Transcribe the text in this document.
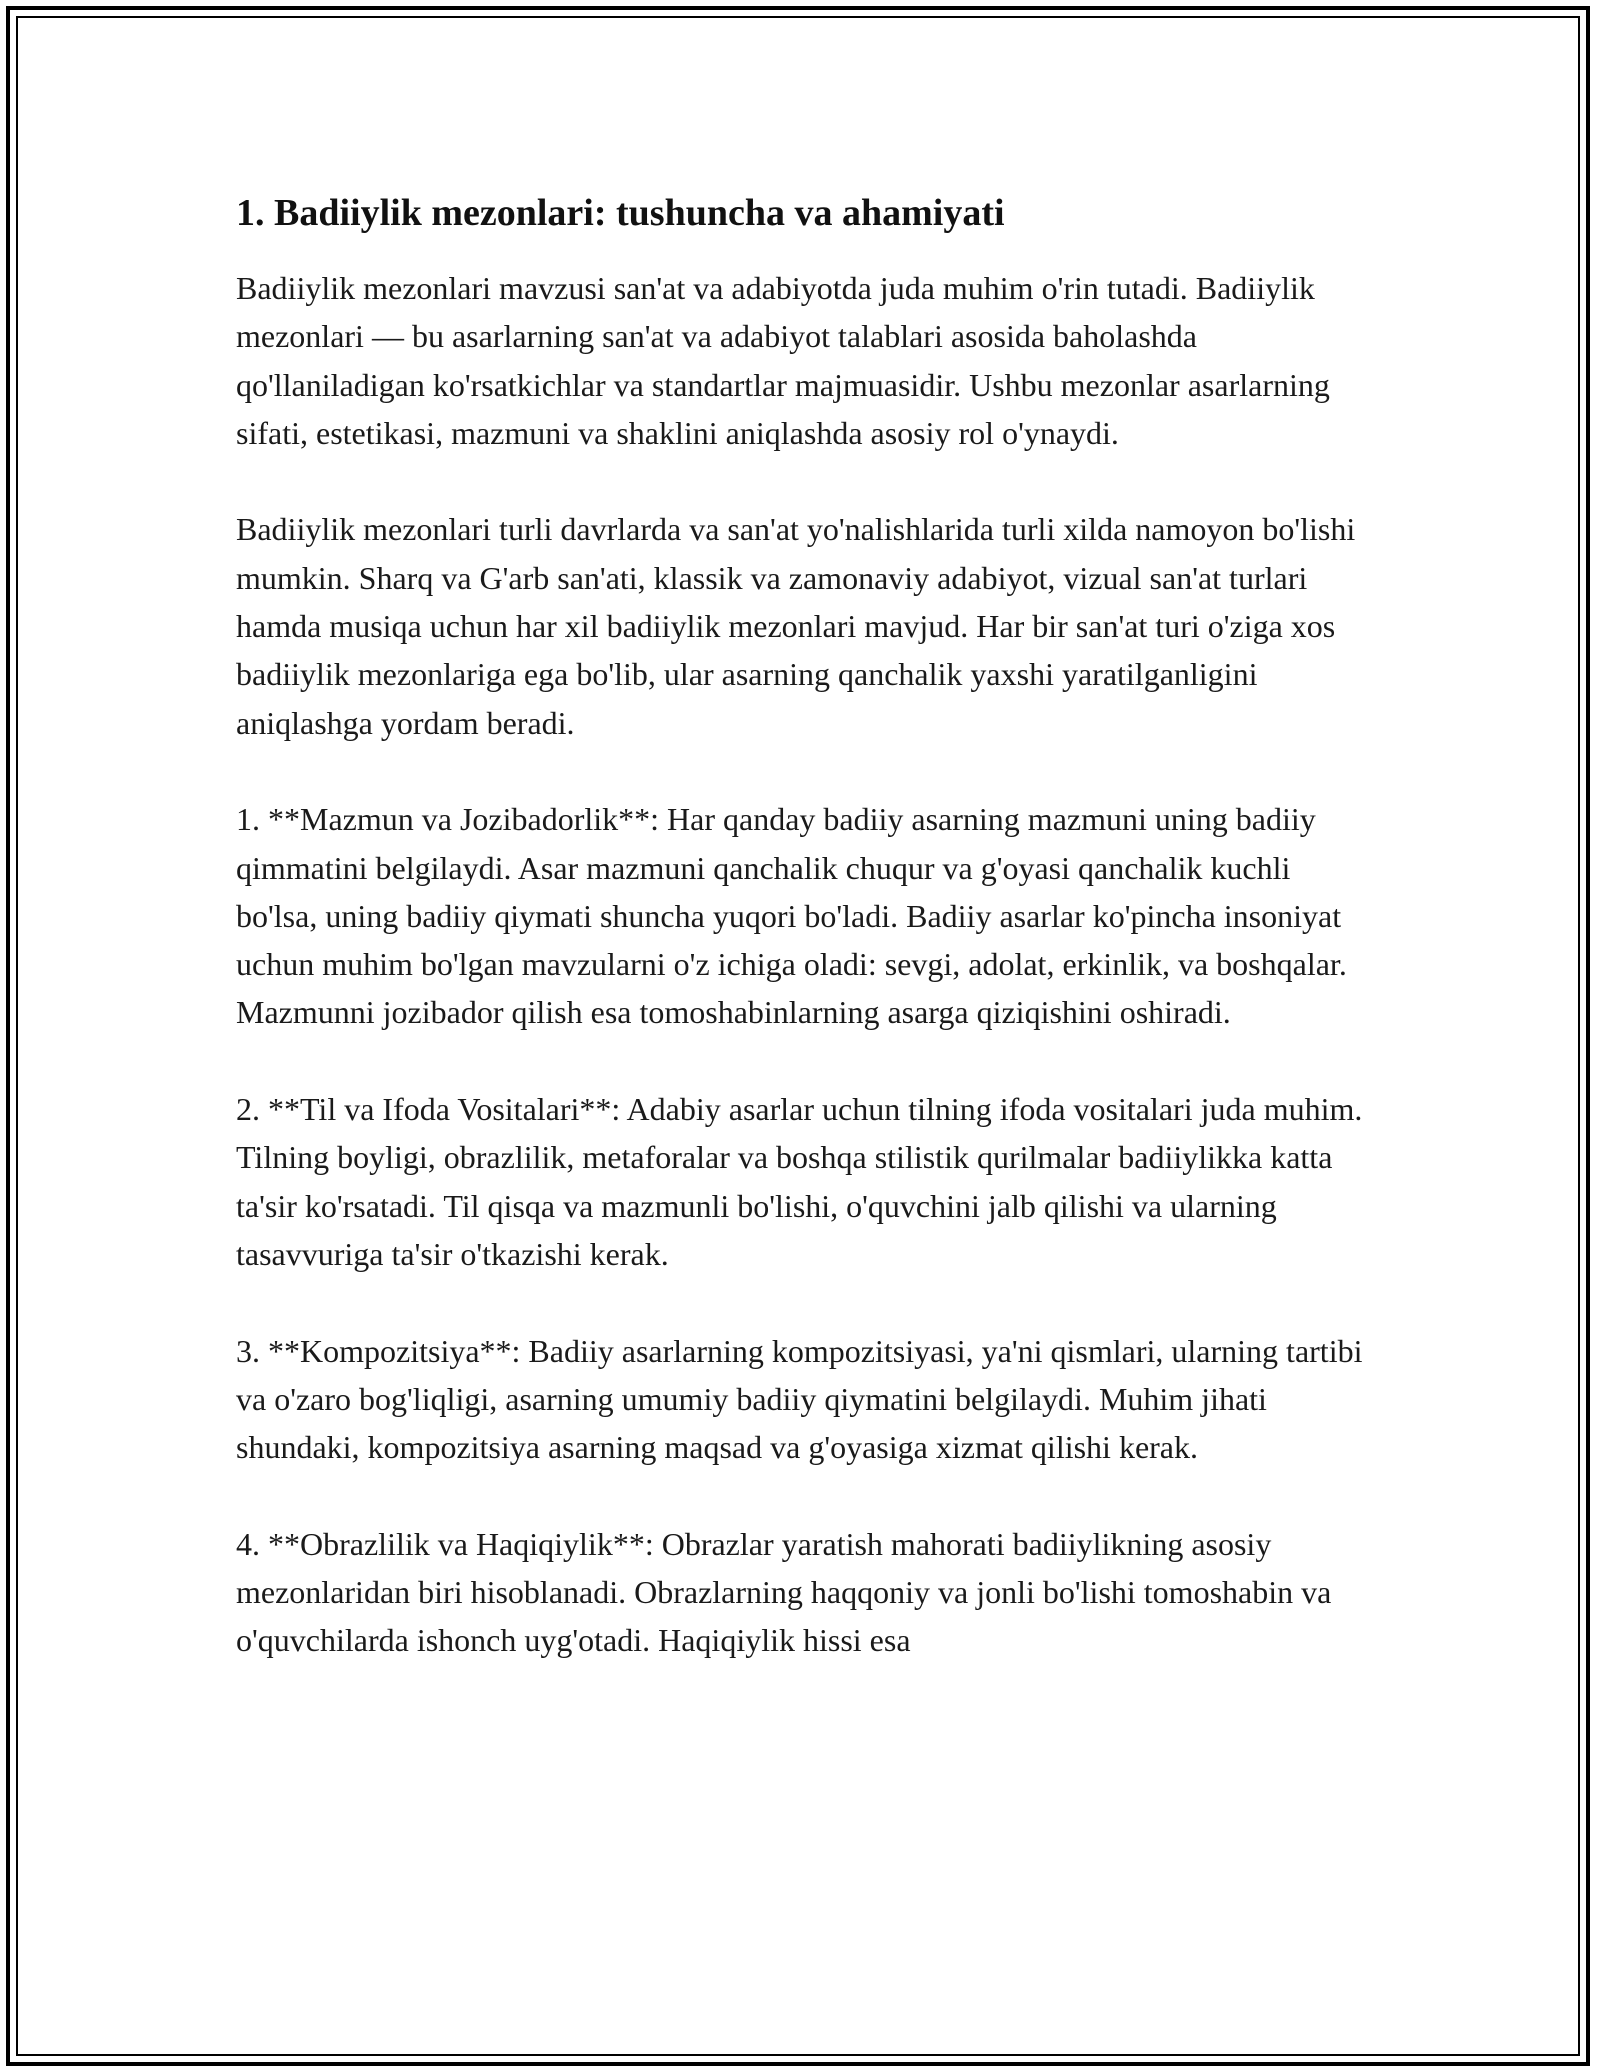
1. Badiiylik mezonlari: tushuncha va ahamiyati

Badiiylik mezonlari mavzusi san'at va adabiyotda juda muhim o'rin tutadi. Badiiylik mezonlari — bu asarlarning san'at va adabiyot talablari asosida baholashda qo'llaniladigan ko'rsatkichlar va standartlar majmuasidir. Ushbu mezonlar asarlarning sifati, estetikasi, mazmuni va shaklini aniqlashda asosiy rol o'ynaydi.

Badiiylik mezonlari turli davrlarda va san'at yo'nalishlarida turli xilda namoyon bo'lishi mumkin. Sharq va G'arb san'ati, klassik va zamonaviy adabiyot, vizual san'at turlari hamda musiqa uchun har xil badiiylik mezonlari mavjud. Har bir san'at turi o'ziga xos badiiylik mezonlariga ega bo'lib, ular asarning qanchalik yaxshi yaratilganligini aniqlashga yordam beradi.

1. **Mazmun va Jozibadorlik**: Har qanday badiiy asarning mazmuni uning badiiy qimmatini belgilaydi. Asar mazmuni qanchalik chuqur va g'oyasi qanchalik kuchli bo'lsa, uning badiiy qiymati shuncha yuqori bo'ladi. Badiiy asarlar ko'pincha insoniyat uchun muhim bo'lgan mavzularni o'z ichiga oladi: sevgi, adolat, erkinlik, va boshqalar. Mazmunni jozibador qilish esa tomoshabinlarning asarga qiziqishini oshiradi.

2. **Til va Ifoda Vositalari**: Adabiy asarlar uchun tilning ifoda vositalari juda muhim. Tilning boyligi, obrazlilik, metaforalar va boshqa stilistik qurilmalar badiiylikka katta ta'sir ko'rsatadi. Til qisqa va mazmunli bo'lishi, o'quvchini jalb qilishi va ularning tasavvuriga ta'sir o'tkazishi kerak.

3. **Kompozitsiya**: Badiiy asarlarning kompozitsiyasi, ya'ni qismlari, ularning tartibi va o'zaro bog'liqligi, asarning umumiy badiiy qiymatini belgilaydi. Muhim jihati shundaki, kompozitsiya asarning maqsad va g'oyasiga xizmat qilishi kerak.

4. **Obrazlilik va Haqiqiylik**: Obrazlar yaratish mahorati badiiylikning asosiy mezonlaridan biri hisoblanadi. Obrazlarning haqqoniy va jonli bo'lishi tomoshabin va o'quvchilarda ishonch uyg'otadi. Haqiqiylik hissi esa
